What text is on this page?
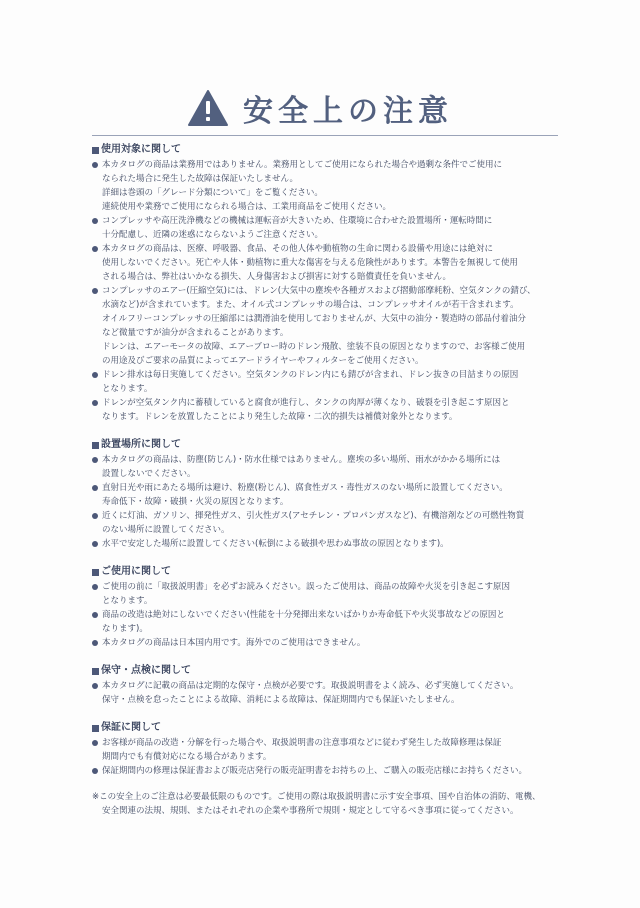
安全上の注意
使用対象に関して
本カタログの商品は業務用ではありません。業務用としてご使用になられた場合や過剰な条件でご使用に
なられた場合に発生した故障は保証いたしません。
詳細は巻頭の「グレード分類について」をご覧ください。
連続使用や業務でご使用になられる場合は、工業用商品をご使用ください。
コンプレッサや高圧洗浄機などの機械は運転音が大きいため、住環境に合わせた設置場所・運転時間に
十分配慮し、近隣の迷惑にならないようご注意ください。
本カタログの商品は、医療、呼吸器、食品、その他人体や動植物の生命に関わる設備や用途には絶対に
使用しないでください。死亡や人体・動植物に重大な傷害を与える危険性があります。本警告を無視して使用
される場合は、弊社はいかなる損失、人身傷害および損害に対する賠償責任を負いません。
コンプレッサのエアー(圧縮空気)には、ドレン(大気中の塵埃や各種ガスおよび摺動部摩耗粉、空気タンクの錆び、
水滴など)が含まれています。また、オイル式コンプレッサの場合は、コンプレッサオイルが若干含まれます。
オイルフリーコンプレッサの圧縮部には潤滑油を使用しておりませんが、大気中の油分・製造時の部品付着油分
など微量ですが油分が含まれることがあります。
ドレンは、エアーモータの故障、エアーブロー時のドレン飛散、塗装不良の原因となりますので、お客様ご使用
の用途及びご要求の品質によってエアードライヤーやフィルターをご使用ください。
ドレン排水は毎日実施してください。空気タンクのドレン内にも錆びが含まれ、ドレン抜きの目詰まりの原因
となります。
ドレンが空気タンク内に蓄積していると腐食が進行し、タンクの肉厚が薄くなり、破裂を引き起こす原因と
なります。ドレンを放置したことにより発生した故障・二次的損失は補償対象外となります。
設置場所に関して
本カタログの商品は、防塵(防じん)・防水仕様ではありません。塵埃の多い場所、雨水がかかる場所には
設置しないでください。
直射日光や雨にあたる場所は避け、粉塵(粉じん)、腐食性ガス・毒性ガスのない場所に設置してください。
寿命低下・故障・破損・火災の原因となります。
近くに灯油、ガソリン、揮発性ガス、引火性ガス(アセチレン・プロパンガスなど)、有機溶剤などの可燃性物質
のない場所に設置してください。
水平で安定した場所に設置してください(転倒による破損や思わぬ事故の原因となります)。
ご使用に関して
ご使用の前に「取扱説明書」を必ずお読みください。誤ったご使用は、商品の故障や火災を引き起こす原因
となります。
商品の改造は絶対にしないでください(性能を十分発揮出来ないばかりか寿命低下や火災事故などの原因と
なります)。
本カタログの商品は日本国内用です。海外でのご使用はできません。
保守・点検に関して
本カタログに記載の商品は定期的な保守・点検が必要です。取扱説明書をよく読み、必ず実施してください。
保守・点検を怠ったことによる故障、消耗による故障は、保証期間内でも保証いたしません。
保証に関して
お客様が商品の改造・分解を行った場合や、取扱説明書の注意事項などに従わず発生した故障修理は保証
期間内でも有償対応になる場合があります。
保証期間内の修理は保証書および販売店発行の販売証明書をお持ちの上、ご購入の販売店様にお持ちください。
※この安全上のご注意は必要最低限のものです。ご使用の際は取扱説明書に示す安全事項、国や自治体の消防、電機、
安全関連の法規、規則、またはそれぞれの企業や事務所で規則・規定として守るべき事項に従ってください。
